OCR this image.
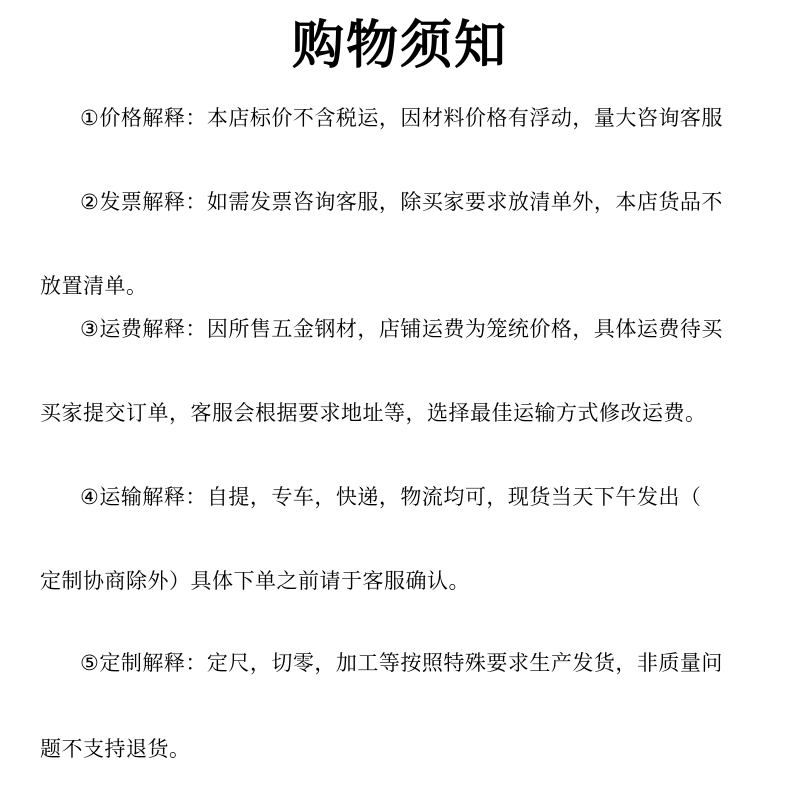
购物须知
①价格解释：本店标价不含税运，因材料价格有浮动，量大咨询客服
②发票解释：如需发票咨询客服，除买家要求放清单外，本店货品不
放置清单。
③运费解释：因所售五金钢材，店铺运费为笼统价格，具体运费待买
买家提交订单，客服会根据要求地址等，选择最佳运输方式修改运费。
④运输解释：自提，专车，快递，物流均可，现货当天下午发出（
定制协商除外）具体下单之前请于客服确认。
⑤定制解释：定尺，切零，加工等按照特殊要求生产发货，非质量问
题不支持退货。
